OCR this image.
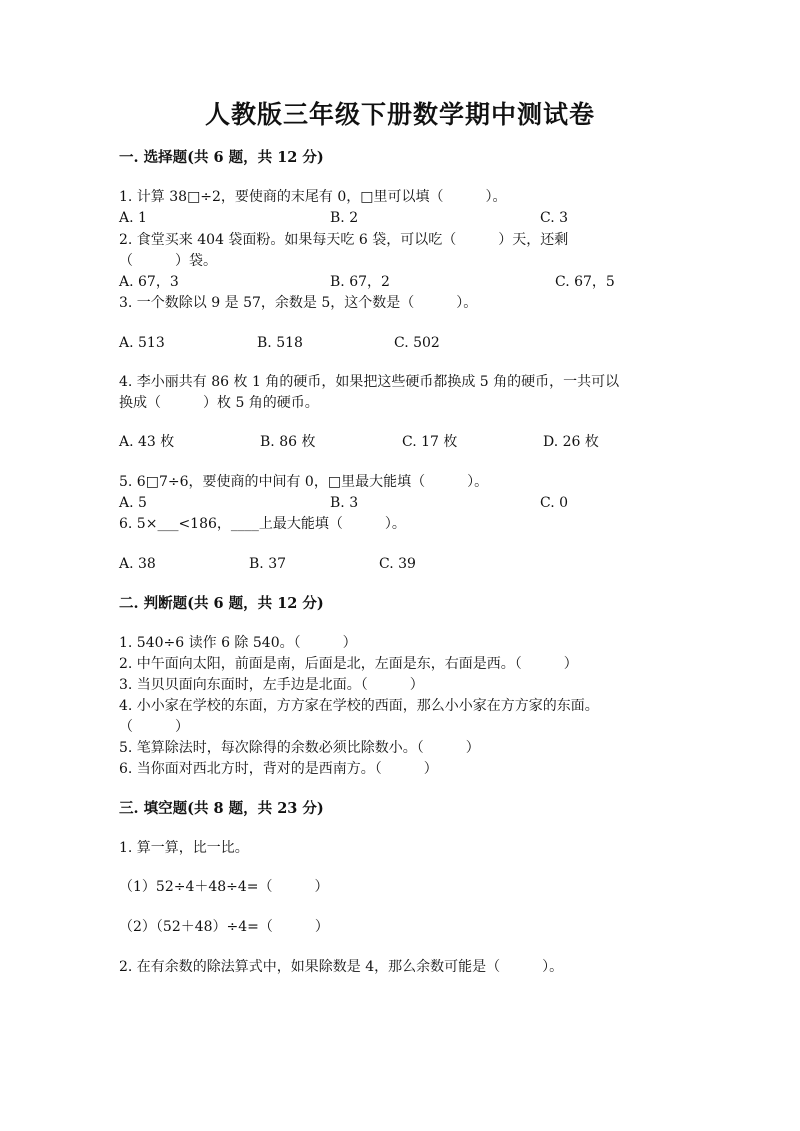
人教版三年级下册数学期中测试卷
一. 选择题(共 6 题，共 12 分)
1. 计算 38□÷2，要使商的末尾有 0，□里可以填（　　　）。
A. 1	B. 2	C. 3
2. 食堂买来 404 袋面粉。如果每天吃 6 袋，可以吃（　　　）天，还剩
（　　　）袋。
A. 67，3	B. 67，2	C. 67，5
3. 一个数除以 9 是 57，余数是 5，这个数是（　　　）。
A. 513	B. 518	C. 502
4. 李小丽共有 86 枚 1 角的硬币，如果把这些硬币都换成 5 角的硬币，一共可以
换成（　　　）枚 5 角的硬币。
A. 43 枚	B. 86 枚	C. 17 枚	D. 26 枚
5. 6□7÷6，要使商的中间有 0，□里最大能填（　　　）。
A. 5	B. 3	C. 0
6. 5×___<186，____上最大能填（　　　）。
A. 38	B. 37	C. 39
二. 判断题(共 6 题，共 12 分)
1. 540÷6 读作 6 除 540。（　　　）
2. 中午面向太阳，前面是南，后面是北，左面是东，右面是西。（　　　）
3. 当贝贝面向东面时，左手边是北面。（　　　）
4. 小小家在学校的东面，方方家在学校的西面，那么小小家在方方家的东面。
（　　　）
5. 笔算除法时，每次除得的余数必须比除数小。（　　　）
6. 当你面对西北方时，背对的是西南方。（　　　）
三. 填空题(共 8 题，共 23 分)
1. 算一算，比一比。
（1）52÷4＋48÷4=（　　　）
（2）（52＋48）÷4=（　　　）
2. 在有余数的除法算式中，如果除数是 4，那么余数可能是（　　　）。
